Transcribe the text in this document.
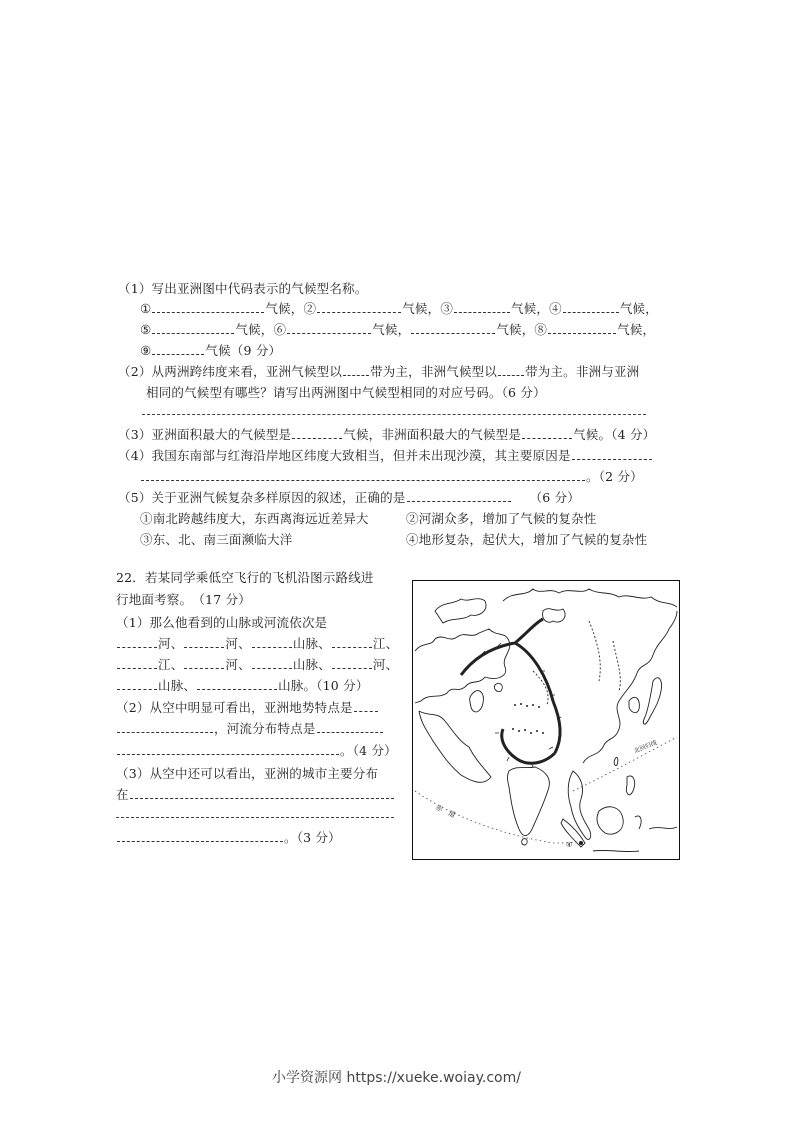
（1）写出亚洲图中代码表示的气候型名称。
①	气候，②	气候，③	气候，④	气候，
⑤	气候，⑥	气候，	气候，⑧	气候，
⑨	气候（9 分）
（2）从两洲跨纬度来看，亚洲气候型以 带为主，非洲气候型以 带为主。非洲与亚洲
相同的气候型有哪些？请写出两洲图中气候型相同的对应号码。（6 分）
（3）亚洲面积最大的气候型是	气候，非洲面积最大的气候型是	气候。（4 分）
（4）我国东南部与红海沿岸地区纬度大致相当，但并未出现沙漠，其主要原因是
。（2 分）
（5）关于亚洲气候复杂多样原因的叙述，正确的是	（6 分）
①南北跨越纬度大，东西离海远近差异大	②河湖众多，增加了气候的复杂性
③东、北、南三面濒临大洋	④地形复杂，起伏大，增加了气候的复杂性
22．若某同学乘低空飞行的飞机沿图示路线进
行地面考察。　（17 分）
（1）那么他看到的山脉或河流依次是
河、	河、	山脉、	江、
江、	河、	山脉、	河、
山脉、	山脉。（10 分）
（2）从空中明显可看出，亚洲地势特点是
，河流分布特点是
。（4 分）
（3）从空中还可以看出，亚洲的城市主要分布
在
。（3 分）
北回归线
赤　道
④
小学资源网 https://xueke.woiay.com/
